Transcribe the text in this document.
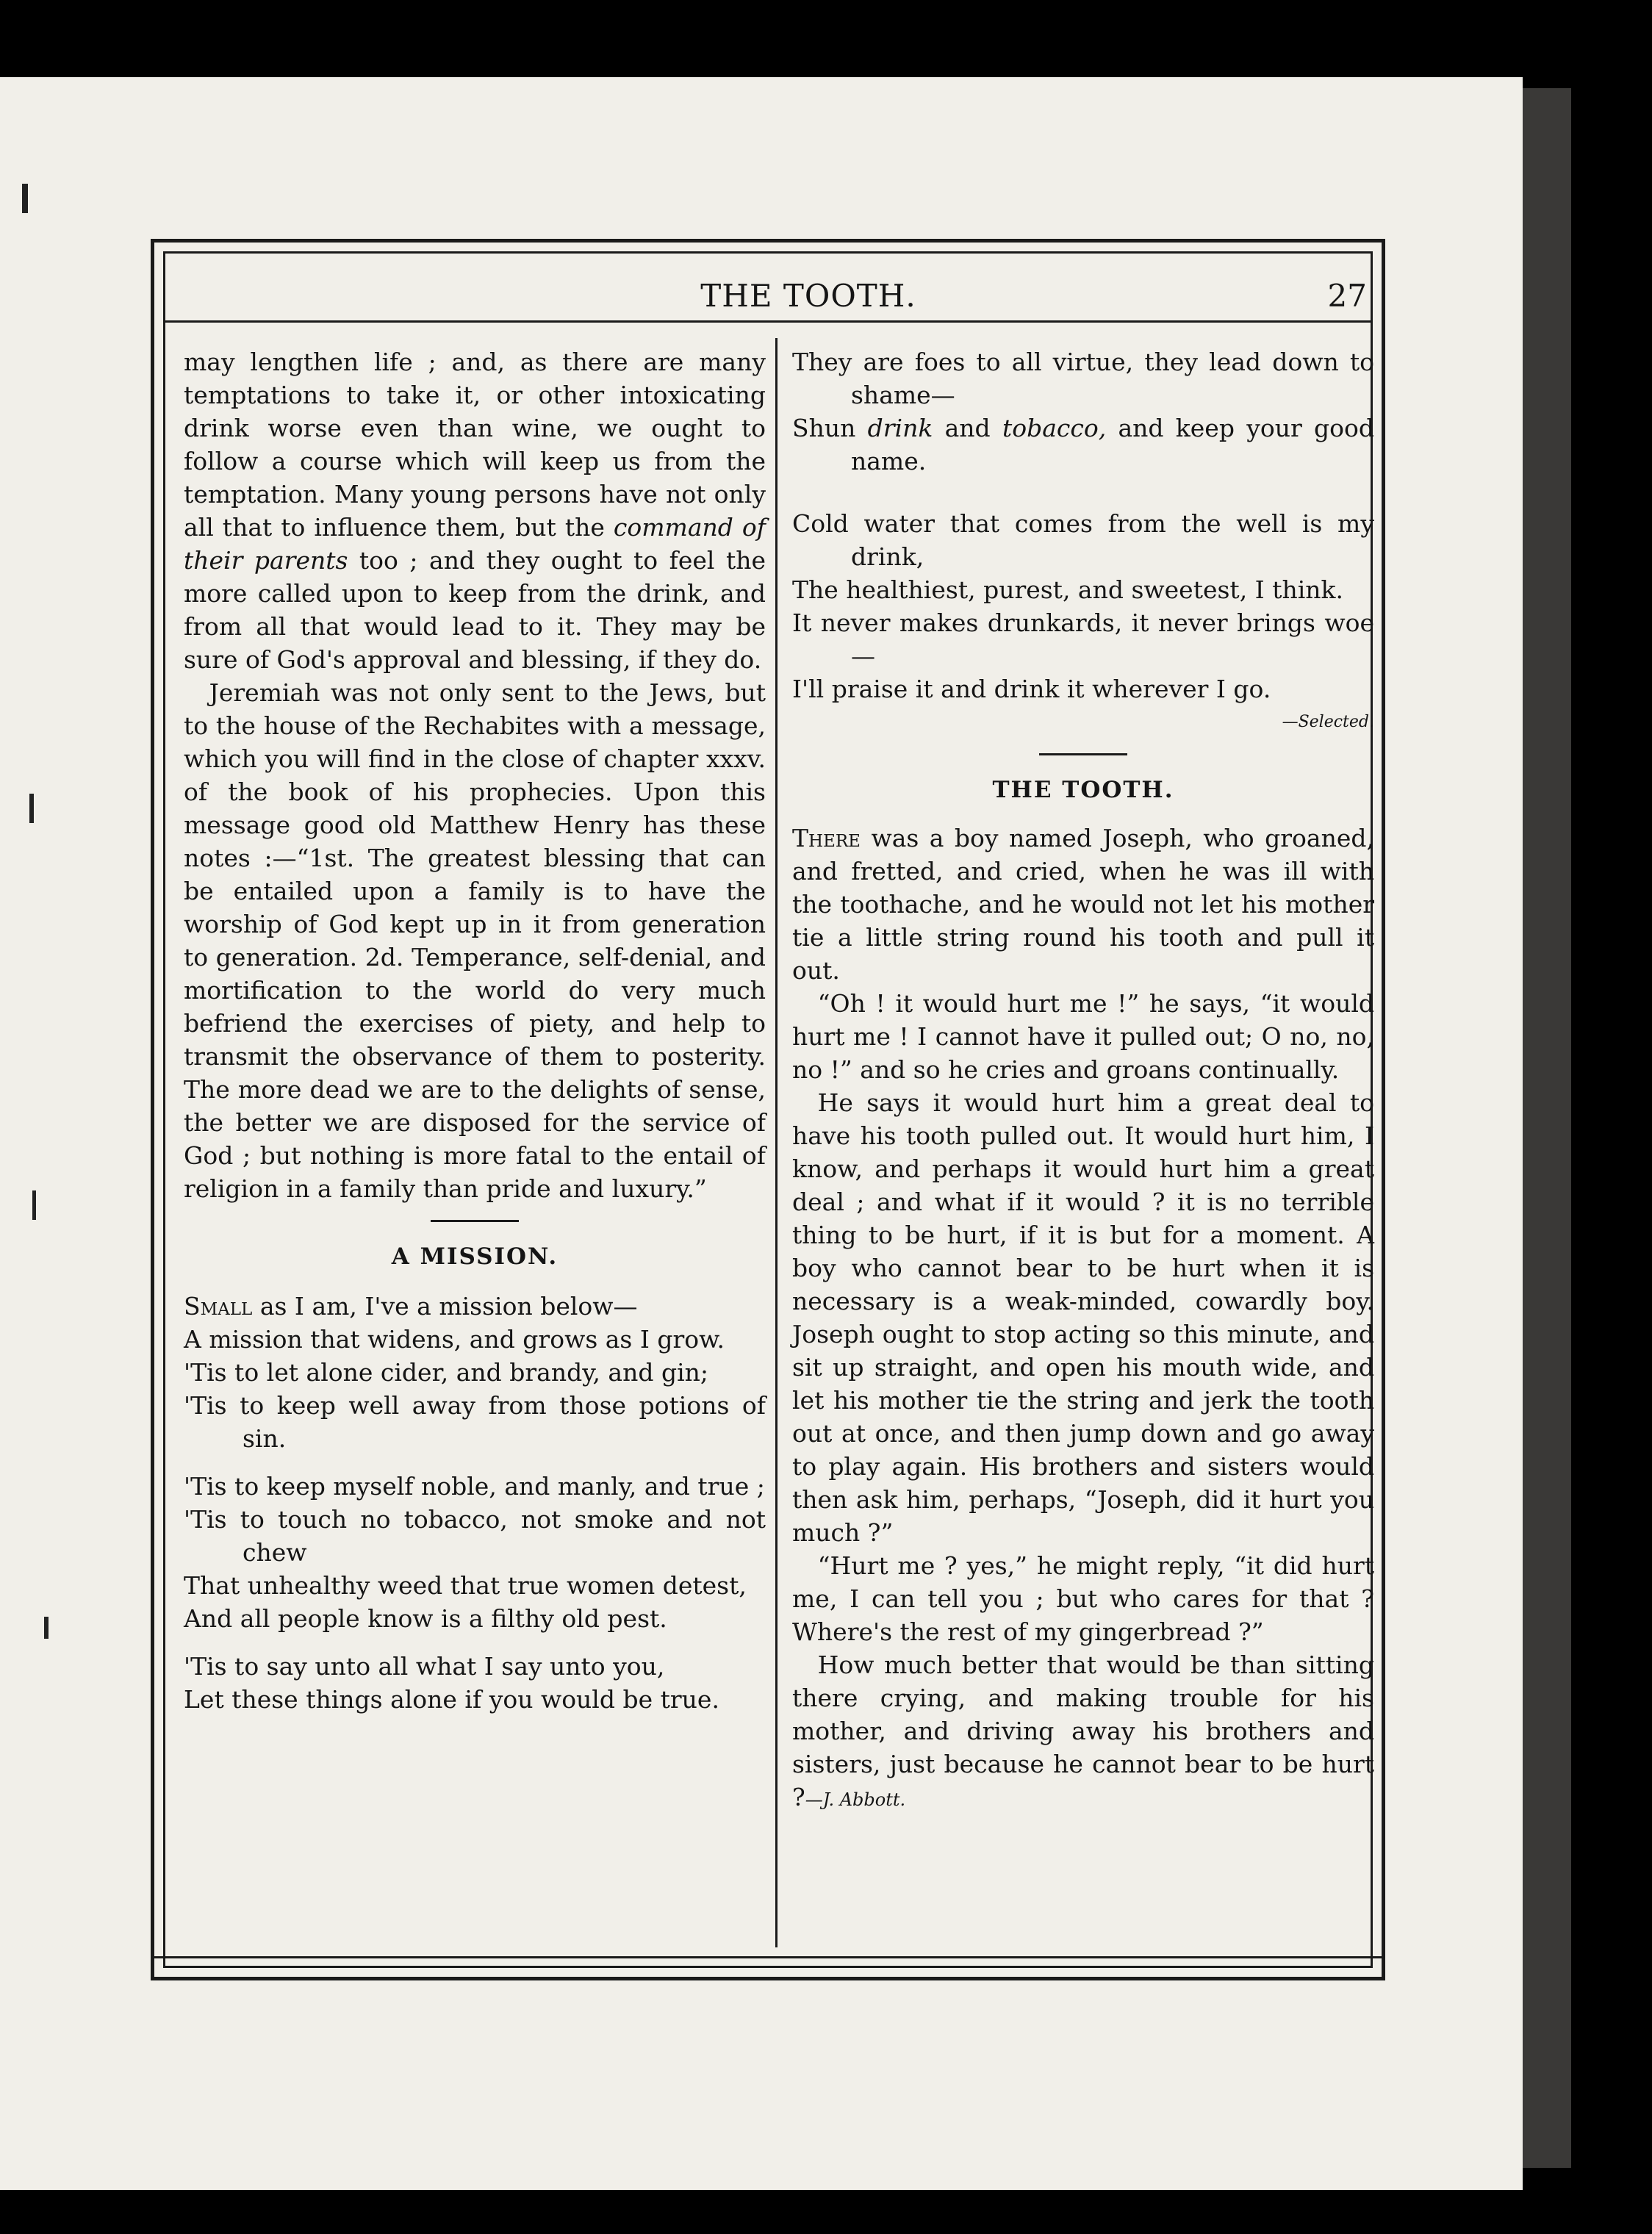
THE TOOTH.	27

may lengthen life ; and, as there are many temptations to take it, or other intoxicating drink worse even than wine, we ought to follow a course which will keep us from the temptation. Many young persons have not only all that to influence them, but the command of their parents too ; and they ought to feel the more called upon to keep from the drink, and from all that would lead to it. They may be sure of God's approval and blessing, if they do.

Jeremiah was not only sent to the Jews, but to the house of the Rechabites with a message, which you will find in the close of chapter xxxv. of the book of his prophecies. Upon this message good old Matthew Henry has these notes :—“1st. The greatest blessing that can be entailed upon a family is to have the worship of God kept up in it from generation to generation. 2d. Temperance, self-denial, and mortification to the world do very much befriend the exercises of piety, and help to transmit the observance of them to posterity. The more dead we are to the delights of sense, the better we are disposed for the service of God ; but nothing is more fatal to the entail of religion in a family than pride and luxury.”

A MISSION.

Small as I am, I've a mission below—

A mission that widens, and grows as I grow.

'Tis to let alone cider, and brandy, and gin;

'Tis to keep well away from those potions of sin.

'Tis to keep myself noble, and manly, and true ;

'Tis to touch no tobacco, not smoke and not chew

That unhealthy weed that true women detest,

And all people know is a filthy old pest.

'Tis to say unto all what I say unto you,

Let these things alone if you would be true.

They are foes to all virtue, they lead down to shame—

Shun drink and tobacco, and keep your good name.

Cold water that comes from the well is my drink,

The healthiest, purest, and sweetest, I think.

It never makes drunkards, it never brings woe—

I'll praise it and drink it wherever I go.

—Selected.

THE TOOTH.

There was a boy named Joseph, who groaned, and fretted, and cried, when he was ill with the toothache, and he would not let his mother tie a little string round his tooth and pull it out.

“Oh ! it would hurt me !” he says, “it would hurt me ! I cannot have it pulled out; O no, no, no !” and so he cries and groans continually.

He says it would hurt him a great deal to have his tooth pulled out. It would hurt him, I know, and perhaps it would hurt him a great deal ; and what if it would ? it is no terrible thing to be hurt, if it is but for a moment. A boy who cannot bear to be hurt when it is necessary is a weak-minded, cowardly boy. Joseph ought to stop acting so this minute, and sit up straight, and open his mouth wide, and let his mother tie the string and jerk the tooth out at once, and then jump down and go away to play again. His brothers and sisters would then ask him, perhaps, “Joseph, did it hurt you much ?”

“Hurt me ? yes,” he might reply, “it did hurt me, I can tell you ; but who cares for that ? Where's the rest of my gingerbread ?”

How much better that would be than sitting there crying, and making trouble for his mother, and driving away his brothers and sisters, just because he cannot bear to be hurt ?—J. Abbott.
